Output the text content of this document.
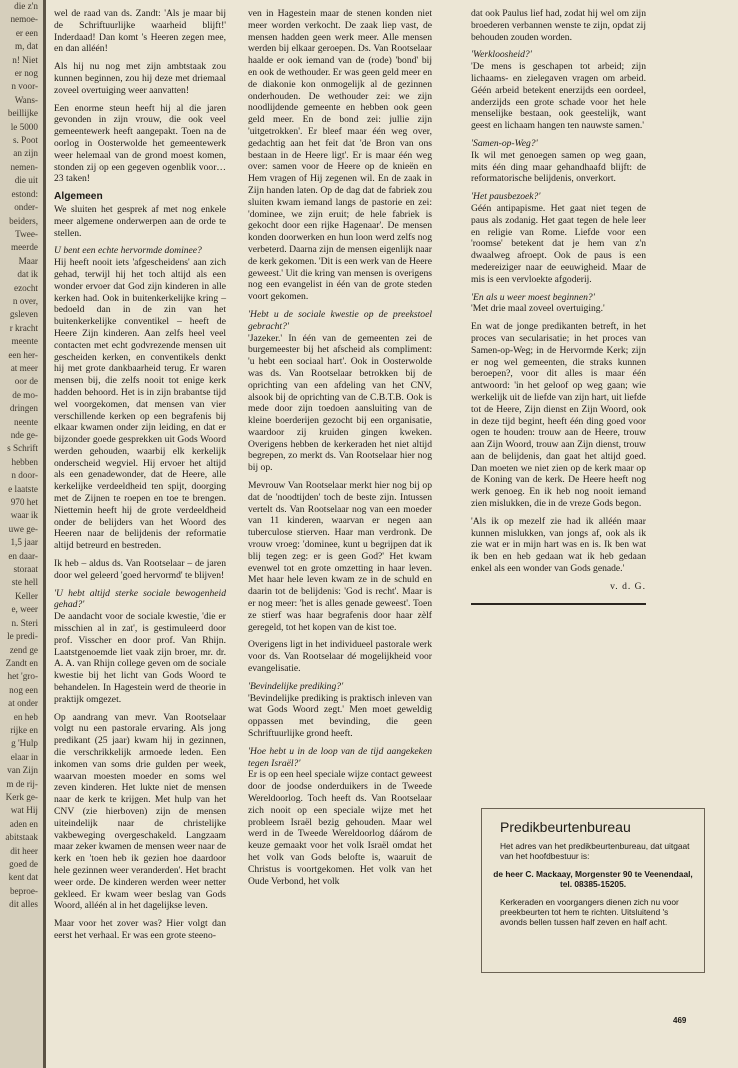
die z'n

nemoe-

er een

m, dat

n! Niet

er nog

n voor-

Wans-

beillijke

le 5000

s. Poot

an zijn

nemen-

die uit

estond:

onder-

beiders,

Twee-

meerde

Maar

dat ik

ezocht

n over,

gsleven

r kracht

meente

een her-

at meer

oor de

de mo-

dringen

neente

nde ge-

s Schrift

hebben

n door-

e laatste

970 het

waar ik

uwe ge-

1,5 jaar

en daar-

storaat

ste hell

Keller

e, weer

n. Steri

le predi-

zend ge

Zandt en

het 'gro-

nog een

at onder

en heb

rijke en

g 'Hulp

elaar in

van Zijn

m de rij-

Kerk ge-

wat Hij

aden en

abitstaak

dit heer

goed de

kent dat

beproe-

dit alles

wel de raad van ds. Zandt: 'Als je maar bij de Schriftuurlijke waarheid blijft!' Inderdaad! Dan komt 's Heeren zegen mee, en dan alléén!

Als hij nu nog met zijn ambtstaak zou kunnen beginnen, zou hij deze met driemaal zoveel overtuiging weer aanvatten!

Een enorme steun heeft hij al die jaren gevonden in zijn vrouw, die ook veel gemeentewerk heeft aangepakt. Toen na de oorlog in Oosterwolde het gemeentewerk weer helemaal van de grond moest komen, stonden zij op een gegeven ogenblik voor… 23 taken!

Algemeen

We sluiten het gesprek af met nog enkele meer algemene onderwerpen aan de orde te stellen.

U bent een echte hervormde dominee?

Hij heeft nooit iets 'afgescheidens' aan zich gehad, terwijl hij het toch altijd als een wonder ervoer dat God zijn kinderen in alle kerken had. Ook in buitenkerkelijke kring – bedoeld dan in de zin van het buitenkerkelijke conventikel – heeft de Heere Zijn kinderen. Aan zelfs heel veel contacten met echt godvrezende mensen uit gescheiden kerken, en conventikels denkt hij met grote dankbaarheid terug. Er waren mensen bij, die zelfs nooit tot enige kerk hadden behoord. Het is in zijn brabantse tijd wel voorgekomen, dat mensen van vier verschillende kerken op een begrafenis bij elkaar kwamen onder zijn leiding, en dat er bijzonder goede gesprekken uit Gods Woord werden gehouden, waarbij elk kerkelijk onderscheid wegviel. Hij ervoer het altijd als een genadewonder, dat de Heere, alle kerkelijke verdeeldheid ten spijt, doorging met de Zijnen te roepen en toe te brengen. Niettemin heeft hij de grote verdeeldheid onder de belijders van het Woord des Heeren naar de belijdenis der reformatie altijd betreurd en bestreden.

Ik heb – aldus ds. Van Rootselaar – de jaren door wel geleerd 'goed hervormd' te blijven!

'U hebt altijd sterke sociale bewogenheid gehad?'

De aandacht voor de sociale kwestie, 'die er misschien al in zat', is gestimuleerd door prof. Visscher en door prof. Van Rhijn. Laatstgenoemde liet vaak zijn broer, mr. dr. A. A. van Rhijn college geven om de sociale kwestie bij het licht van Gods Woord te behandelen. In Hagestein werd de theorie in praktijk omgezet.

Op aandrang van mevr. Van Rootselaar volgt nu een pastorale ervaring. Als jong predikant (25 jaar) kwam hij in gezinnen, die verschrikkelijk armoede leden. Een inkomen van soms drie gulden per week, waarvan moesten moeder en soms wel zeven kinderen. Het lukte niet de mensen naar de kerk te krijgen. Met hulp van het CNV (zie hierboven) zijn de mensen uiteindelijk naar de christelijke vakbeweging overgeschakeld. Langzaam maar zeker kwamen de mensen weer naar de kerk en 'toen heb ik gezien hoe daardoor hele gezinnen weer veranderden'. Het bracht weer orde. De kinderen werden weer netter gekleed. Er kwam weer beslag van Gods Woord, alléén al in het dagelijkse leven.

Maar voor het zover was? Hier volgt dan eerst het verhaal. Er was een grote steeno-

ven in Hagestein maar de stenen konden niet meer worden verkocht. De zaak liep vast, de mensen hadden geen werk meer. Alle mensen werden bij elkaar geroepen. Ds. Van Rootselaar haalde er ook iemand van de (rode) 'bond' bij en ook de wethouder. Er was geen geld meer en de diakonie kon onmogelijk al de gezinnen onderhouden. De wethouder zei: we zijn noodlijdende gemeente en hebben ook geen geld meer. En de bond zei: jullie zijn 'uitgetrokken'. Er bleef maar één weg over, gedachtig aan het feit dat 'de Bron van ons bestaan in de Heere ligt'. Er is maar één weg over: samen voor de Heere op de knieën en Hem vragen of Hij zegenen wil. En de zaak in Zijn handen laten. Op de dag dat de fabriek zou sluiten kwam iemand langs de pastorie en zei: 'dominee, we zijn eruit; de hele fabriek is gekocht door een rijke Hagenaar'. De mensen konden doorwerken en hun loon werd zelfs nog verbeterd. Daarna zijn de mensen eigenlijk naar de kerk gekomen. 'Dit is een werk van de Heere geweest.' Uit die kring van mensen is overigens nog een evangelist in één van de grote steden voort gekomen.

'Hebt u de sociale kwestie op de preekstoel gebracht?'

'Jazeker.' In één van de gemeenten zei de burgemeester bij het afscheid als compliment: 'u hebt een sociaal hart'. Ook in Oosterwolde was ds. Van Rootselaar betrokken bij de oprichting van een afdeling van het CNV, alsook bij de oprichting van de C.B.T.B. Ook is mede door zijn toedoen aansluiting van de kleine boerderijen gezocht bij een organisatie, waardoor zij kruiden gingen kweken. Overigens hebben de kerkeraden het niet altijd begrepen, zo merkt ds. Van Rootselaar hier nog bij op.

Mevrouw Van Rootselaar merkt hier nog bij op dat de 'noodtijden' toch de beste zijn. Intussen vertelt ds. Van Rootselaar nog van een moeder van 11 kinderen, waarvan er negen aan tuberculose stierven. Haar man verdronk. De vrouw vroeg: 'dominee, kunt u begrijpen dat ik blij tegen zeg: er is geen God?' Het kwam evenwel tot en grote omzetting in haar leven. Met haar hele leven kwam ze in de schuld en daarin tot de belijdenis: 'God is recht'. Maar is er nog meer: 'het is alles genade geweest'. Toen ze stierf was haar begrafenis door haar zèlf geregeld, tot het kopen van de kist toe.

Overigens ligt in het individueel pastorale werk voor ds. Van Rootselaar dé mogelijkheid voor evangelisatie.

'Bevindelijke prediking?'

'Bevindelijke prediking is praktisch inleven van wat Gods Woord zegt.' Men moet geweldig oppassen met bevinding, die geen Schriftuurlijke grond heeft.

'Hoe hebt u in de loop van de tijd aangekeken tegen Israël?'

Er is op een heel speciale wijze contact geweest door de joodse onderduikers in de Tweede Wereldoorlog. Toch heeft ds. Van Rootselaar zich nooit op een speciale wijze met het probleem Israël bezig gehouden. Maar wel werd in de Tweede Wereldoorlog dáárom de keuze gemaakt voor het volk Israël omdat het het volk van Gods belofte is, waaruit de Christus is voortgekomen. Het volk van het Oude Verbond, het volk

dat ook Paulus lief had, zodat hij wel om zijn broederen verbannen wenste te zijn, opdat zij behouden zouden worden.

'Werkloosheid?'

'De mens is geschapen tot arbeid; zijn lichaams- en zielegaven vragen om arbeid. Géén arbeid betekent enerzijds een oordeel, anderzijds een grote schade voor het hele menselijke bestaan, ook geestelijk, want geest en lichaam hangen ten nauwste samen.'

'Samen-op-Weg?'

Ik wil met genoegen samen op weg gaan, mits één ding maar gehandhaafd blijft: de reformatorische belijdenis, onverkort.

'Het pausbezoek?'

Géén antipapisme. Het gaat niet tegen de paus als zodanig. Het gaat tegen de hele leer en religie van Rome. Liefde voor een 'roomse' betekent dat je hem van z'n dwaalweg afroept. Ook de paus is een medereiziger naar de eeuwigheid. Maar de mis is een vervloekte afgoderij.

'En als u weer moest beginnen?'

'Met drie maal zoveel overtuiging.'

En wat de jonge predikanten betreft, in het proces van secularisatie; in het proces van Samen-op-Weg; in de Hervormde Kerk; zijn er nog wel gemeenten, die straks kunnen beroepen?, voor dit alles is maar één antwoord: 'in het geloof op weg gaan; wie werkelijk uit de liefde van zijn hart, uit liefde tot de Heere, Zijn dienst en Zijn Woord, ook in deze tijd begint, heeft één ding goed voor ogen te houden: trouw aan de Heere, trouw aan Zijn Woord, trouw aan Zijn dienst, trouw aan de belijdenis, dan gaat het altijd goed. Dan moeten we niet zien op de kerk maar op de Koning van de kerk. De Heere heeft nog werk genoeg. En ik heb nog nooit iemand zien mislukken, die in de vreze Gods begon.

'Als ik op mezelf zie had ik alléén maar kunnen mislukken, van jongs af, ook als ik zie wat er in mijn hart was en is. Ik ben wat ik ben en heb gedaan wat ik heb gedaan enkel als een wonder van Gods genade.'

v. d. G.

Predikbeurtenbureau

Het adres van het predikbeurtenbureau, dat uitgaat van het hoofdbestuur is:

de heer C. Mackaay, Morgenster 90 te Veenendaal, tel. 08385-15205.

Kerkeraden en voorgangers dienen zich nu voor preekbeurten tot hem te richten. Uitsluitend 's avonds bellen tussen half zeven en half acht.

469
